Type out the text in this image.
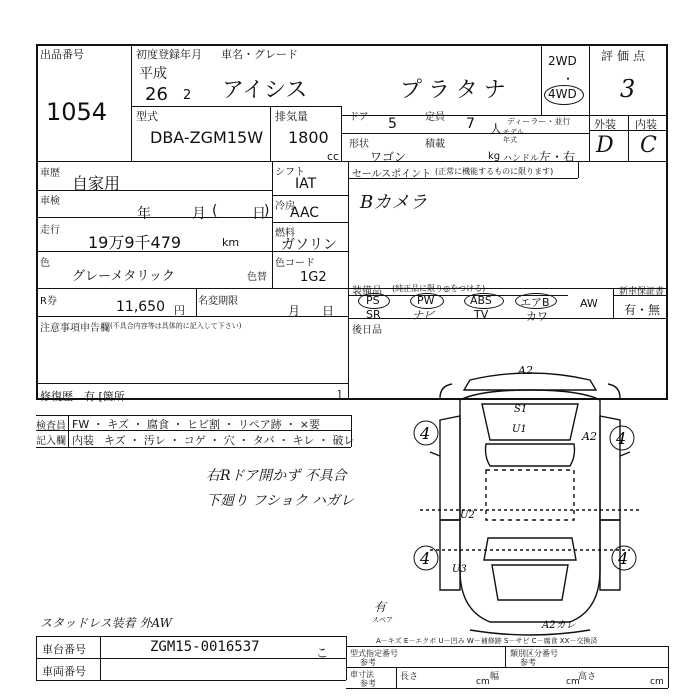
出品番号
1054
初度登録年月 車名・グレード
平成
26 2 アイシス	プラタナ
2WD
・
4WD
評価点
3
外装 内装
D C
型式
DBA-ZGM15W
排気量
1800
cc
ドア 5	定員 7 人
ディーラー・並行
モデル
年式
形状
ワゴン
積載
kg ハンドル 左・右
車歴
自家用
車検
年	月 ( 日
)
走行
19万9千479	km
シフト
IAT
冷房
AAC
燃料
ガソリン
色
グレーメタリック	色替
色コード
1G2
R券	11,650 円
名変期限
月 日
注意事項申告欄 (不具合内容等は具体的に記入して下さい)
修復歴 有 [箇所	]
セールスポイント (正常に機能するものに限ります)
Bカメラ
装備品 (純正品に限り◎をつける)
PS	PW	ABS	エアB	AW
SR	ナビ	TV	カワ
新車保証書
有・無
後日品
検査員
記入欄
FW ・ キズ ・ 腐食 ・ ヒビ割 ・ リペア跡 ・ ×要
内装 キズ ・ 汚レ ・ コゲ ・ 穴 ・ タバ ・ キレ ・ 破レ
右Rドア開かず 不具合
下廻り フショク ハガレ
スタッドレス装着 外AW
4	4
4	4
A2
S1
U1
A2
U2
U3
A2カレ
有
スペア
A－キズ E－エクボ U－凹み W－補修跡 S－サビ C－腐食 XX－交換済
車台番号	ZGM15-0016537	こ
車両番号
型式指定番号
参考
類別区分番号
参考
車寸法
参考
長さ	cm 幅	cm
高さ	cm
